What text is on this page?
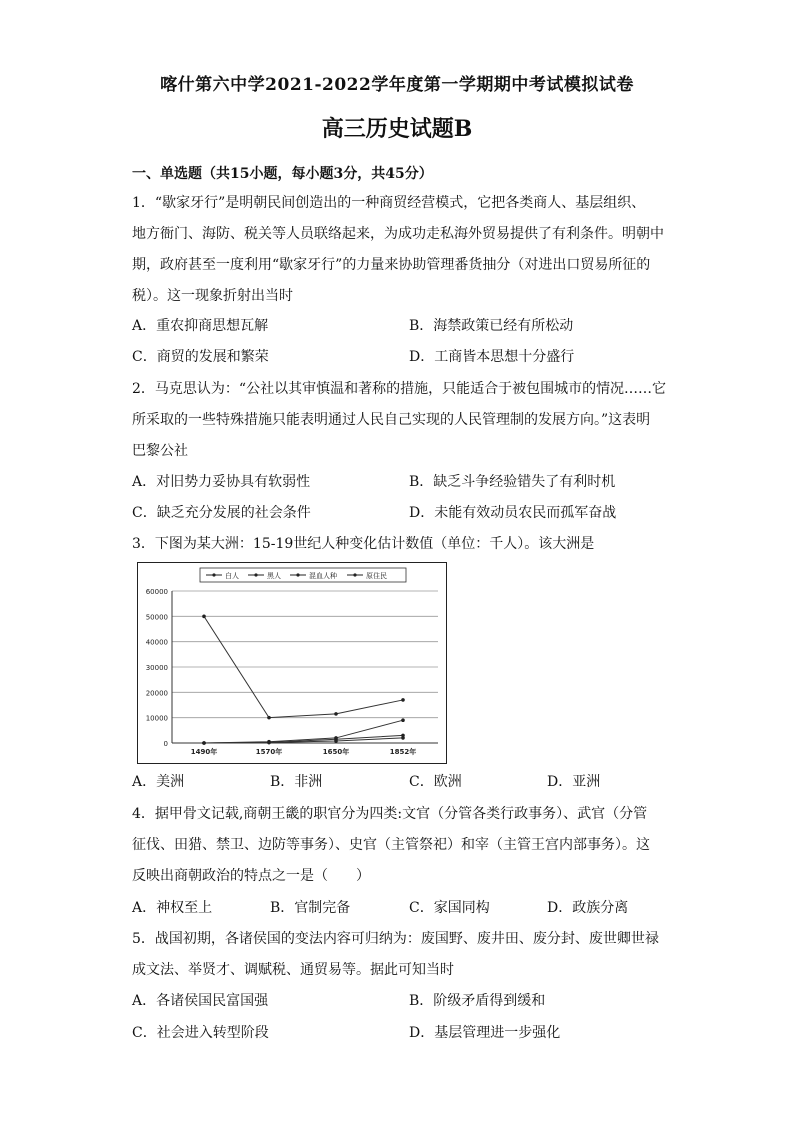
喀什第六中学2021-2022学年度第一学期期中考试模拟试卷
高三历史试题B
一、单选题（共15小题，每小题3分，共45分）
1．“歇家牙行”是明朝民间创造出的一种商贸经营模式，它把各类商人、基层组织、
地方衙门、海防、税关等人员联络起来，为成功走私海外贸易提供了有利条件。明朝中
期，政府甚至一度利用“歇家牙行”的力量来协助管理番货抽分（对进出口贸易所征的
税）。这一现象折射出当时
A．重农抑商思想瓦解	B．海禁政策已经有所松动
C．商贸的发展和繁荣	D．工商皆本思想十分盛行
2．马克思认为：“公社以其审慎温和著称的措施，只能适合于被包围城市的情况……它
所采取的一些特殊措施只能表明通过人民自己实现的人民管理制的发展方向。”这表明
巴黎公社
A．对旧势力妥协具有软弱性	B．缺乏斗争经验错失了有利时机
C．缺乏充分发展的社会条件	D．未能有效动员农民而孤军奋战
3．下图为某大洲：15-19世纪人种变化估计数值（单位：千人）。该大洲是
60000
50000
40000
30000
20000
10000
0
1490年	1570年	1650年	1852年
白人	黑人	混血人种	原住民
A．美洲	B．非洲	C．欧洲	D．亚洲
4．据甲骨文记载,商朝王畿的职官分为四类:文官（分管各类行政事务）、武官（分管
征伐、田猎、禁卫、边防等事务）、史官（主管祭祀）和宰（主管王宫内部事务）。这
反映出商朝政治的特点之一是（　　）
A．神权至上	B．官制完备	C．家国同构	D．政族分离
5．战国初期，各诸侯国的变法内容可归纳为：废国野、废井田、废分封、废世卿世禄
成文法、举贤才、调赋税、通贸易等。据此可知当时
A．各诸侯国民富国强	B．阶级矛盾得到缓和
C．社会进入转型阶段	D．基层管理进一步强化
